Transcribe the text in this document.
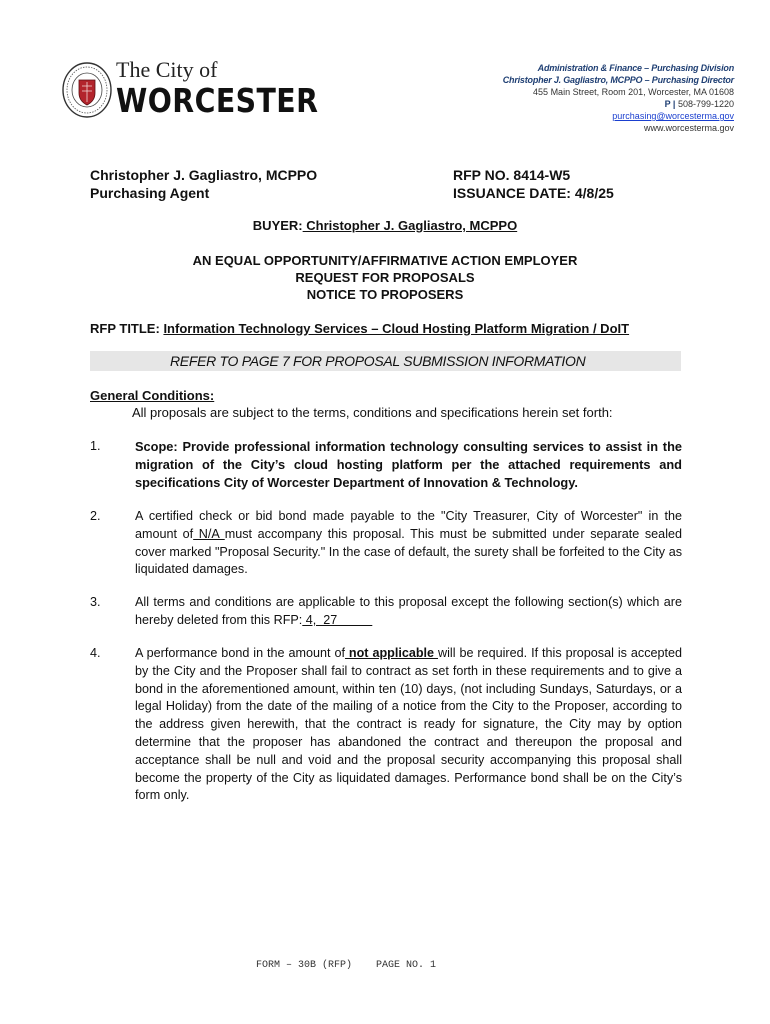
The City of
WORCESTER
Administration & Finance – Purchasing Division
Christopher J. Gagliastro, MCPPO – Purchasing Director
455 Main Street, Room 201, Worcester, MA 01608
P | 508-799-1220
purchasing@worcesterma.gov
www.worcesterma.gov
Christopher J. Gagliastro, MCPPO
Purchasing Agent
RFP NO. 8414-W5
ISSUANCE DATE: 4/8/25
BUYER: Christopher J. Gagliastro, MCPPO
AN EQUAL OPPORTUNITY/AFFIRMATIVE ACTION EMPLOYER
REQUEST FOR PROPOSALS
NOTICE TO PROPOSERS
RFP TITLE: Information Technology Services – Cloud Hosting Platform Migration / DoIT
REFER TO PAGE 7 FOR PROPOSAL SUBMISSION INFORMATION
General Conditions:
All proposals are subject to the terms, conditions and specifications herein set forth:
1.	Scope: Provide professional information technology consulting services to assist in the migration of the City’s cloud hosting platform per the attached requirements and specifications City of Worcester Department of Innovation & Technology.
2.	A certified check or bid bond made payable to the "City Treasurer, City of Worcester" in the amount of N/A must accompany this proposal. This must be submitted under separate sealed cover marked "Proposal Security." In the case of default, the surety shall be forfeited to the City as liquidated damages.
3.	All terms and conditions are applicable to this proposal except the following section(s) which are hereby deleted from this RFP: 4,  27
4.	A performance bond in the amount of not applicable will be required. If this proposal is accepted by the City and the Proposer shall fail to contract as set forth in these requirements and to give a bond in the aforementioned amount, within ten (10) days, (not including Sundays, Saturdays, or a legal Holiday) from the date of the mailing of a notice from the City to the Proposer, according to the address given herewith, that the contract is ready for signature, the City may by option determine that the proposer has abandoned the contract and thereupon the proposal and acceptance shall be null and void and the proposal security accompanying this proposal shall become the property of the City as liquidated damages. Performance bond shall be on the City’s form only.
FORM – 30B (RFP) PAGE NO. 1
